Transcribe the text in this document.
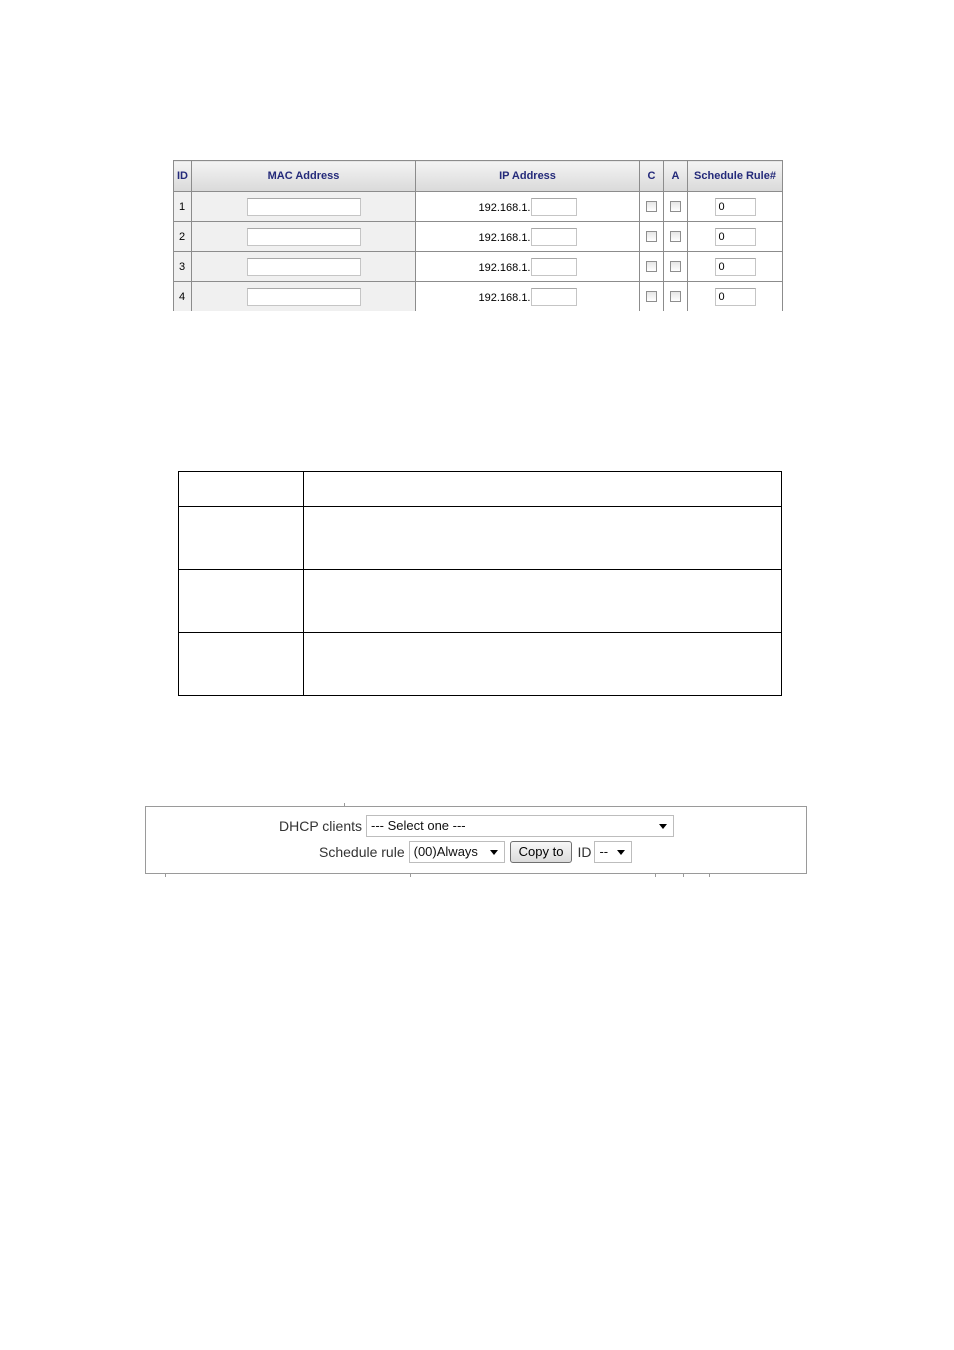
ID	MAC Address	IP Address	C	A	Schedule Rule#
1		192.168.1.			0
2		192.168.1.			0
3		192.168.1.			0
4		192.168.1.			0

DHCP clients --- Select one ---
Schedule rule (00)Always	Copy to	ID --
